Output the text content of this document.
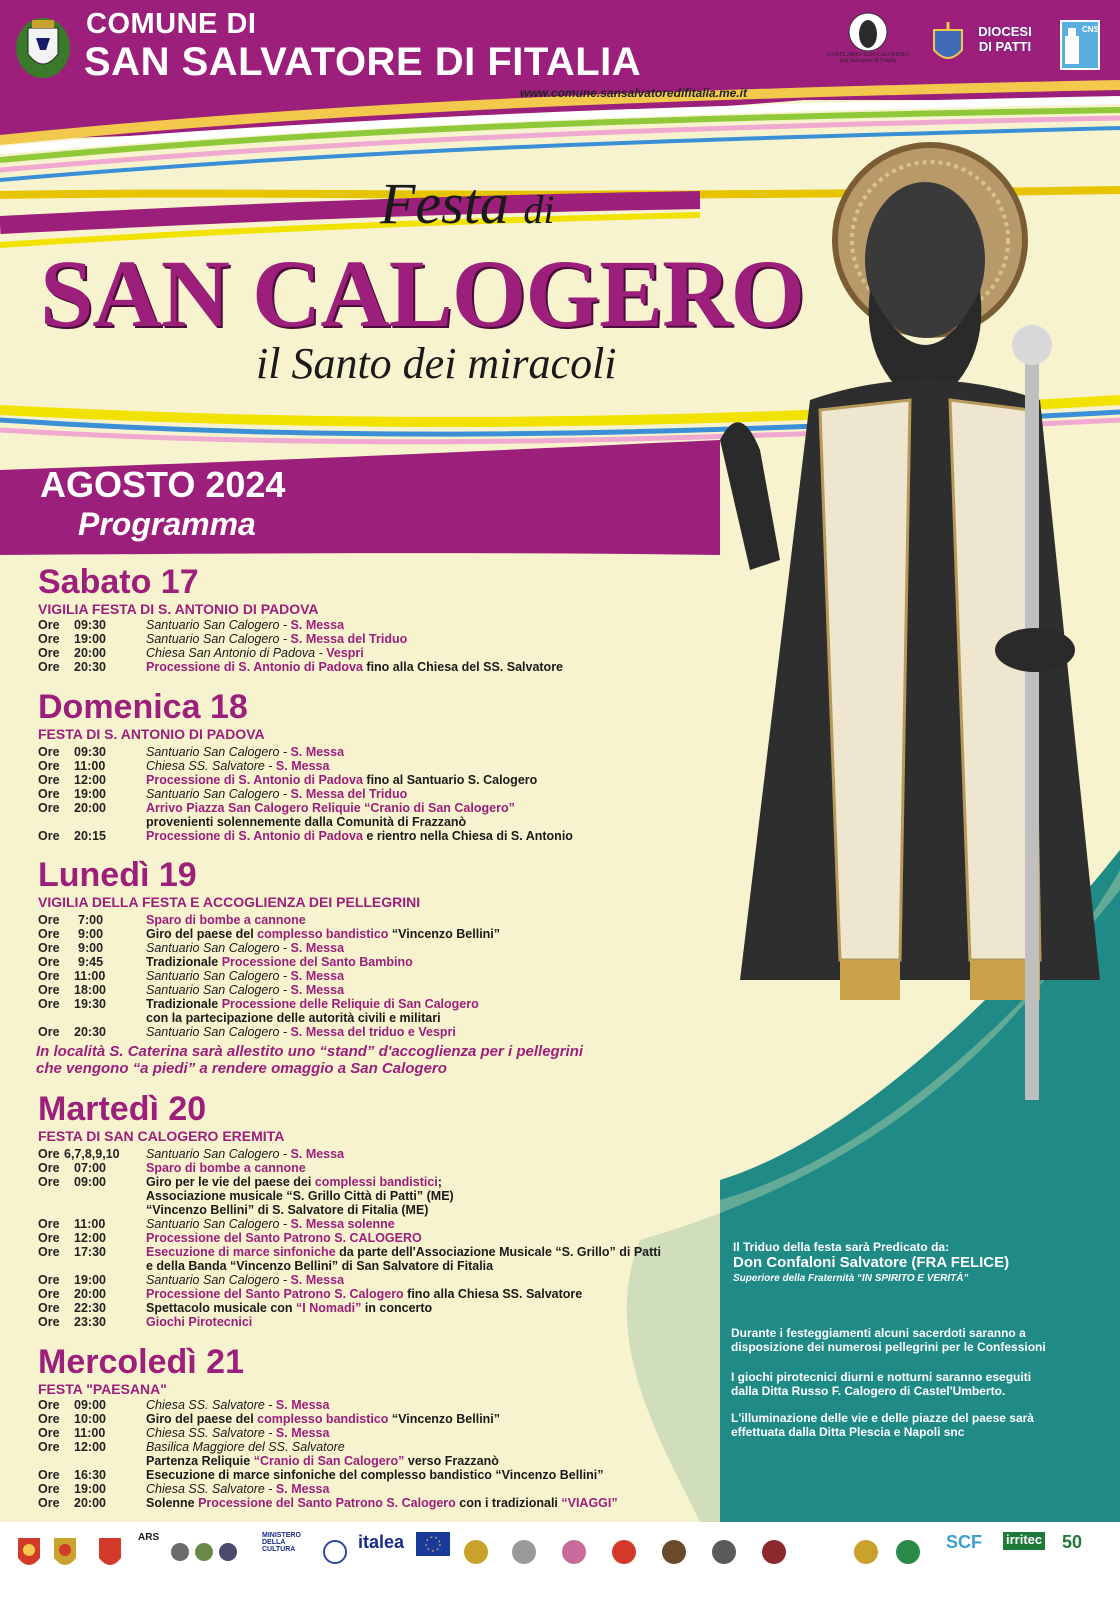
COMUNE DI
SAN SALVATORE DI FITALIA
www.comune.sansalvatoredifitalia.me.it
SANTUARIO SAN CALOGERO
San Salvatore di Fitalia
DIOCESI DI PATTI
CNS
Festa di
SAN CALOGERO
il Santo dei miracoli
AGOSTO 2024
Programma
Sabato 17
VIGILIA FESTA DI S. ANTONIO DI PADOVA
Ore 09:30	Santuario San Calogero - S. Messa
Ore 19:00	Santuario San Calogero - S. Messa del Triduo
Ore 20:00	Chiesa San Antonio di Padova - Vespri
Ore 20:30	Processione di S. Antonio di Padova fino alla Chiesa del SS. Salvatore
Domenica 18
FESTA DI S. ANTONIO DI PADOVA
Ore 09:30	Santuario San Calogero - S. Messa
Ore 11:00	Chiesa SS. Salvatore - S. Messa
Ore 12:00	Processione di S. Antonio di Padova fino al Santuario S. Calogero
Ore 19:00	Santuario San Calogero - S. Messa del Triduo
Ore 20:00	Arrivo Piazza San Calogero Reliquie “Cranio di San Calogero”
provenienti solennemente dalla Comunità di Frazzanò
Ore 20:15	Processione di S. Antonio di Padova e rientro nella Chiesa di S. Antonio
Lunedì 19
VIGILIA DELLA FESTA E ACCOGLIENZA DEI PELLEGRINI
Ore 7:00	Sparo di bombe a cannone
Ore 9:00	Giro del paese del complesso bandistico “Vincenzo Bellini”
Ore 9:00	Santuario San Calogero - S. Messa
Ore 9:45	Tradizionale Processione del Santo Bambino
Ore 11:00	Santuario San Calogero - S. Messa
Ore 18:00	Santuario San Calogero - S. Messa
Ore 19:30	Tradizionale Processione delle Reliquie di San Calogero
con la partecipazione delle autorità civili e militari
Ore 20:30	Santuario San Calogero - S. Messa del triduo e Vespri
In località S. Caterina sarà allestito uno “stand” d'accoglienza per i pellegrini
che vengono “a piedi” a rendere omaggio a San Calogero
Martedì 20
FESTA DI SAN CALOGERO EREMITA
Ore 6,7,8,9,10 Santuario San Calogero - S. Messa
Ore 07:00	Sparo di bombe a cannone
Ore 09:00	Giro per le vie del paese dei complessi bandistici;
Associazione musicale “S. Grillo Città di Patti” (ME)
“Vincenzo Bellini” di S. Salvatore di Fitalia (ME)
Ore 11:00	Santuario San Calogero - S. Messa solenne
Ore 12:00	Processione del Santo Patrono S. CALOGERO
Ore 17:30	Esecuzione di marce sinfoniche da parte dell'Associazione Musicale “S. Grillo” di Patti
e della Banda “Vincenzo Bellini” di San Salvatore di Fitalia
Ore 19:00	Santuario San Calogero - S. Messa
Ore 20:00	Processione del Santo Patrono S. Calogero fino alla Chiesa SS. Salvatore
Ore 22:30	Spettacolo musicale con “I Nomadi” in concerto
Ore 23:30	Giochi Pirotecnici
Mercoledì 21
FESTA "PAESANA"
Ore 09:00	Chiesa SS. Salvatore - S. Messa
Ore 10:00	Giro del paese del complesso bandistico “Vincenzo Bellini”
Ore 11:00	Chiesa SS. Salvatore - S. Messa
Ore 12:00	Basilica Maggiore del SS. Salvatore
Partenza Reliquie “Cranio di San Calogero” verso Frazzanò
Ore 16:30	Esecuzione di marce sinfoniche del complesso bandistico “Vincenzo Bellini”
Ore 19:00	Chiesa SS. Salvatore - S. Messa
Ore 20:00	Solenne Processione del Santo Patrono S. Calogero con i tradizionali “VIAGGI”
Il Triduo della festa sarà Predicato da:
Don Confaloni Salvatore (FRA FELICE)
Superiore della Fraternità “IN SPIRITO E VERITÀ”
Durante i festeggiamenti alcuni sacerdoti saranno a
disposizione dei numerosi pellegrini per le Confessioni
I giochi pirotecnici diurni e notturni saranno eseguiti
dalla Ditta Russo F. Calogero di Castel'Umberto.
L'illuminazione delle vie e delle piazze del paese sarà
effettuata dalla Ditta Plescia e Napoli snc
ARS	MINISTERO DELLA CULTURA	italea	SCF irritec 50
